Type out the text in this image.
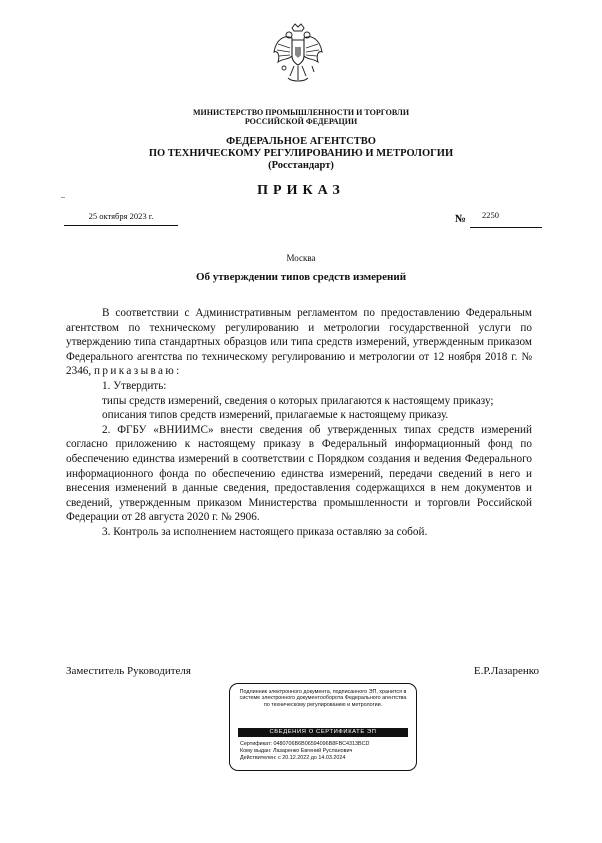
МИНИСТЕРСТВО ПРОМЫШЛЕННОСТИ И ТОРГОВЛИ
РОССИЙСКОЙ ФЕДЕРАЦИИ
ФЕДЕРАЛЬНОЕ АГЕНТСТВО
ПО ТЕХНИЧЕСКОМУ РЕГУЛИРОВАНИЮ И МЕТРОЛОГИИ
(Росстандарт)
ПРИКАЗ
–
25 октября 2023 г.	№	2250
Москва
Об утверждении типов средств измерений

В соответствии с Административным регламентом по предоставлению Федеральным агентством по техническому регулированию и метрологии государственной услуги по утверждению типа стандартных образцов или типа средств измерений, утвержденным приказом Федерального агентства по техническому регулированию и метрологии от 12 ноября 2018 г. № 2346, приказываю:

1. Утвердить:

типы средств измерений, сведения о которых прилагаются к настоящему приказу;

описания типов средств измерений, прилагаемые к настоящему приказу.

2. ФГБУ «ВНИИМС» внести сведения об утвержденных типах средств измерений согласно приложению к настоящему приказу в Федеральный информационный фонд по обеспечению единства измерений в соответствии с Порядком создания и ведения Федерального информационного фонда по обеспечению единства измерений, передачи сведений в него и внесения изменений в данные сведения, предоставления содержащихся в нем документов и сведений, утвержденным приказом Министерства промышленности и торговли Российской Федерации от 28 августа 2020 г. № 2906.

3. Контроль за исполнением настоящего приказа оставляю за собой.

Заместитель Руководителя	Е.Р.Лазаренко
Подлинник электронного документа, подписанного ЭП, хранится в системе электронного документооборота Федерального агентства по техническому регулированию и метрологии.
СВЕДЕНИЯ О СЕРТИФИКАТЕ ЭП
Сертификат: 0480706B6B06594096B8FBC4313BCD
Кому выдан: Лазаренко Евгений Русланович
Действителен: с 20.12.2022 до 14.03.2024
